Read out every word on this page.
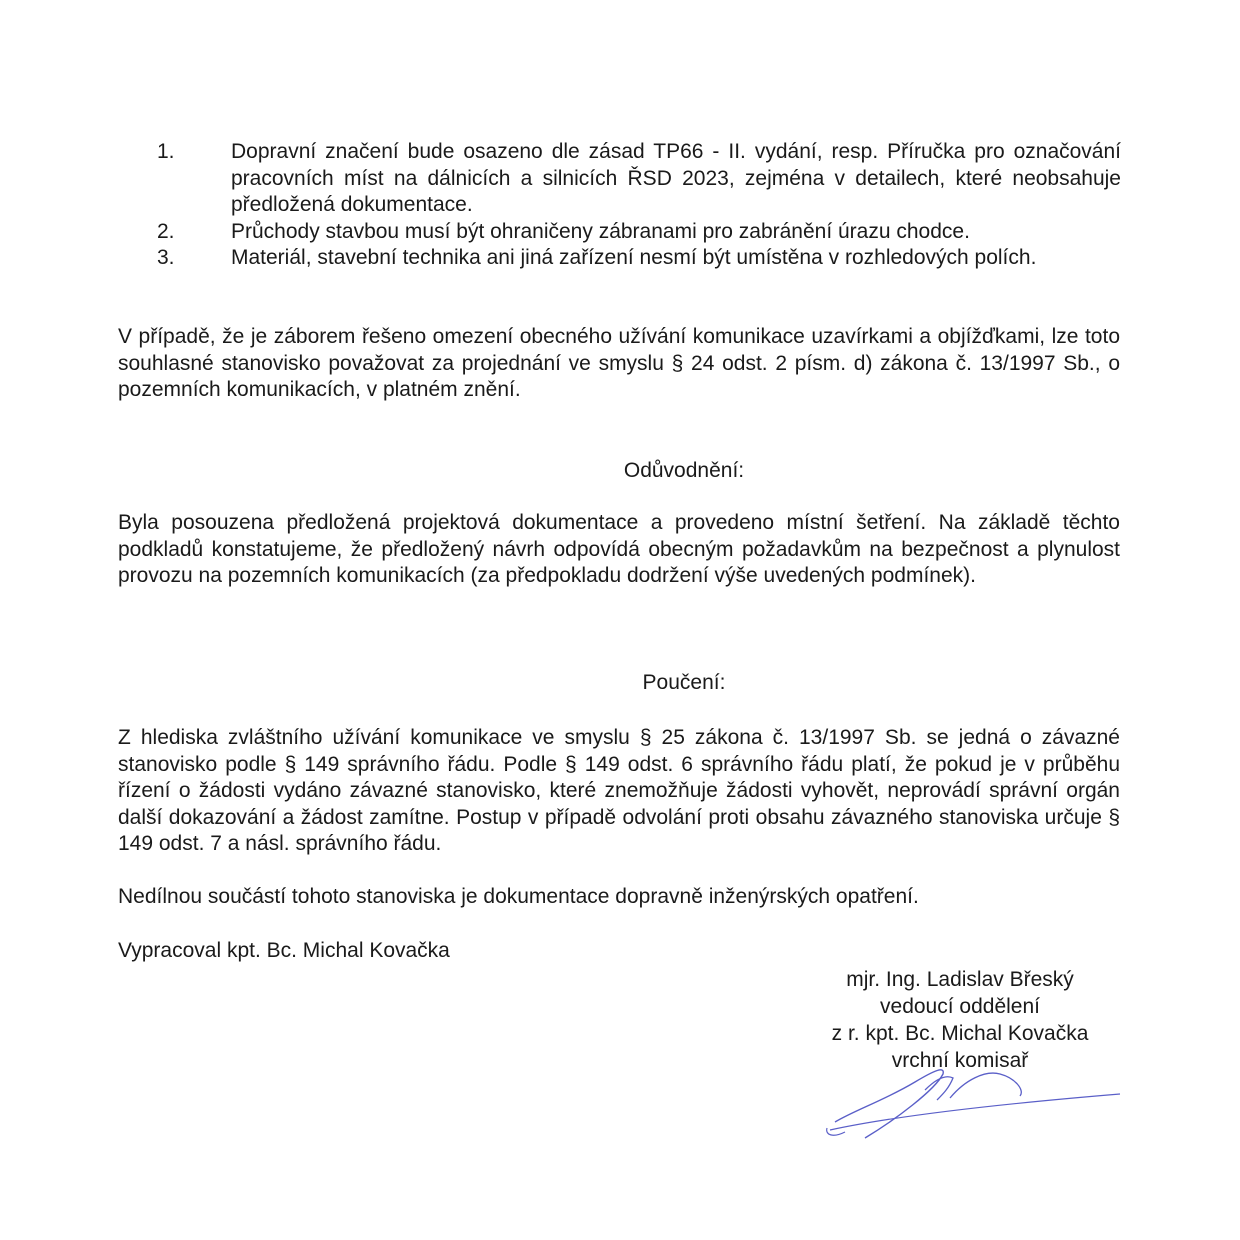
1.	Dopravní značení bude osazeno dle zásad TP66 - II. vydání, resp. Příručka pro označování pracovních míst na dálnicích a silnicích ŘSD 2023, zejména v detailech, které neobsahuje předložená dokumentace.
2.	Průchody stavbou musí být ohraničeny zábranami pro zabránění úrazu chodce.
3.	Materiál, stavební technika ani jiná zařízení nesmí být umístěna v rozhledových polích.
V případě, že je záborem řešeno omezení obecného užívání komunikace uzavírkami a objížďkami, lze toto souhlasné stanovisko považovat za projednání ve smyslu § 24 odst. 2 písm. d) zákona č. 13/1997 Sb., o pozemních komunikacích, v platném znění.
Odůvodnění:
Byla posouzena předložená projektová dokumentace a provedeno místní šetření. Na základě těchto podkladů konstatujeme, že předložený návrh odpovídá obecným požadavkům na bezpečnost a plynulost provozu na pozemních komunikacích (za předpokladu dodržení výše uvedených podmínek).
Poučení:
Z hlediska zvláštního užívání komunikace ve smyslu § 25 zákona č. 13/1997 Sb. se jedná o závazné stanovisko podle § 149 správního řádu. Podle § 149 odst. 6 správního řádu platí, že pokud je v průběhu řízení o žádosti vydáno závazné stanovisko, které znemožňuje žádosti vyhovět, neprovádí správní orgán další dokazování a žádost zamítne. Postup v případě odvolání proti obsahu závazného stanoviska určuje § 149 odst. 7 a násl. správního řádu.
Nedílnou součástí tohoto stanoviska je dokumentace dopravně inženýrských opatření.
Vypracoval kpt. Bc. Michal Kovačka
mjr. Ing. Ladislav Břeský
vedoucí oddělení
z r. kpt. Bc. Michal Kovačka
vrchní komisař
